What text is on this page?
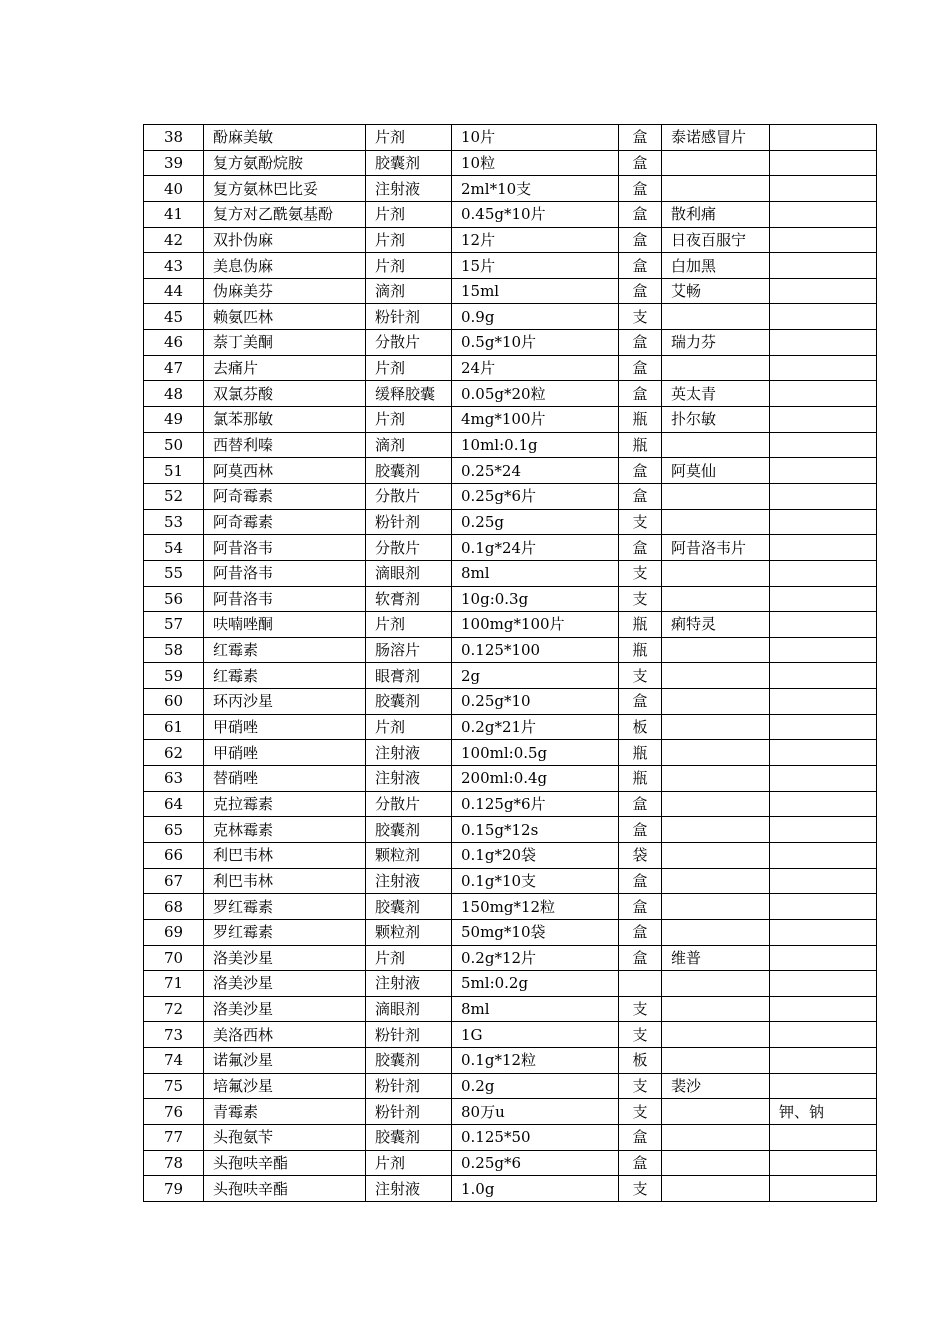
38	酚麻美敏	片剂	10片	盒	泰诺感冒片	
39	复方氨酚烷胺	胶囊剂	10粒	盒		
40	复方氨林巴比妥	注射液	2ml*10支	盒		
41	复方对乙酰氨基酚	片剂	0.45g*10片	盒	散利痛	
42	双扑伪麻	片剂	12片	盒	日夜百服宁	
43	美息伪麻	片剂	15片	盒	白加黑	
44	伪麻美芬	滴剂	15ml	盒	艾畅	
45	赖氨匹林	粉针剂	0.9g	支		
46	萘丁美酮	分散片	0.5g*10片	盒	瑞力芬	
47	去痛片	片剂	24片	盒		
48	双氯芬酸	缓释胶囊	0.05g*20粒	盒	英太青	
49	氯苯那敏	片剂	4mg*100片	瓶	扑尔敏	
50	西替利嗪	滴剂	10ml:0.1g	瓶		
51	阿莫西林	胶囊剂	0.25*24	盒	阿莫仙	
52	阿奇霉素	分散片	0.25g*6片	盒		
53	阿奇霉素	粉针剂	0.25g	支		
54	阿昔洛韦	分散片	0.1g*24片	盒	阿昔洛韦片	
55	阿昔洛韦	滴眼剂	8ml	支		
56	阿昔洛韦	软膏剂	10g:0.3g	支		
57	呋喃唑酮	片剂	100mg*100片	瓶	痢特灵	
58	红霉素	肠溶片	0.125*100	瓶		
59	红霉素	眼膏剂	2g	支		
60	环丙沙星	胶囊剂	0.25g*10	盒		
61	甲硝唑	片剂	0.2g*21片	板		
62	甲硝唑	注射液	100ml:0.5g	瓶		
63	替硝唑	注射液	200ml:0.4g	瓶		
64	克拉霉素	分散片	0.125g*6片	盒		
65	克林霉素	胶囊剂	0.15g*12s	盒		
66	利巴韦林	颗粒剂	0.1g*20袋	袋		
67	利巴韦林	注射液	0.1g*10支	盒		
68	罗红霉素	胶囊剂	150mg*12粒	盒		
69	罗红霉素	颗粒剂	50mg*10袋	盒		
70	洛美沙星	片剂	0.2g*12片	盒	维普	
71	洛美沙星	注射液	5ml:0.2g			
72	洛美沙星	滴眼剂	8ml	支		
73	美洛西林	粉针剂	1G	支		
74	诺氟沙星	胶囊剂	0.1g*12粒	板		
75	培氟沙星	粉针剂	0.2g	支	裴沙	
76	青霉素	粉针剂	80万u	支		钾、钠
77	头孢氨苄	胶囊剂	0.125*50	盒		
78	头孢呋辛酯	片剂	0.25g*6	盒		
79	头孢呋辛酯	注射液	1.0g	支		
